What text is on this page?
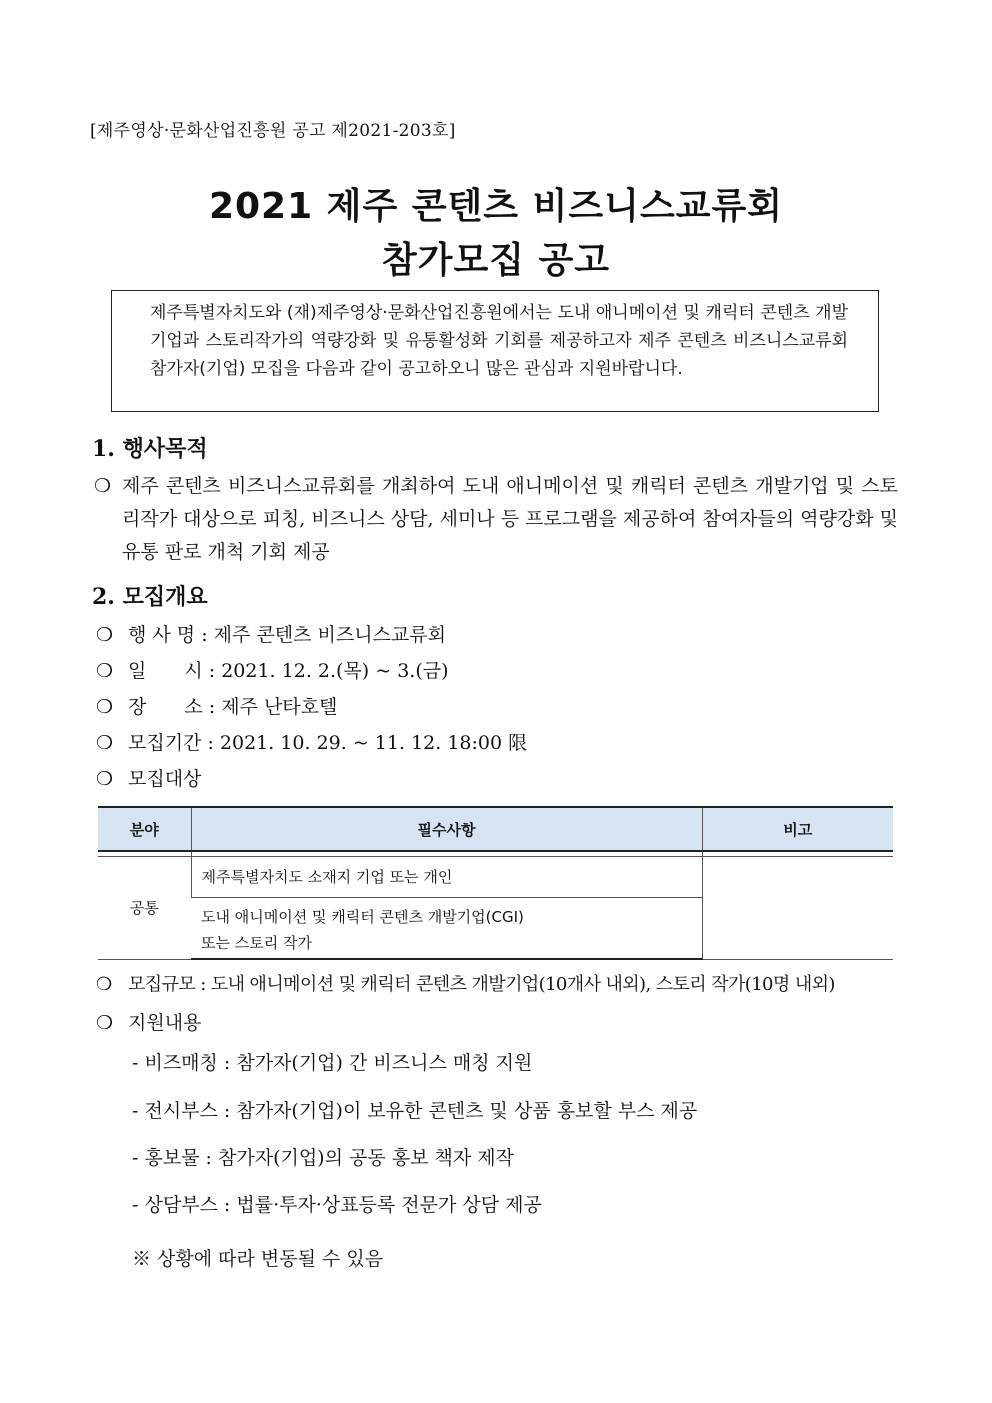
[제주영상·문화산업진흥원 공고 제2021-203호]
2021 제주 콘텐츠 비즈니스교류회
참가모집 공고
제주특별자치도와 (재)제주영상·문화산업진흥원에서는 도내 애니메이션 및 캐릭터 콘텐츠 개발기업과 스토리작가의 역량강화 및 유통활성화 기회를 제공하고자 제주 콘텐츠 비즈니스교류회 참가자(기업) 모집을 다음과 같이 공고하오니 많은 관심과 지원바랍니다.
1. 행사목적
❍ 제주 콘텐츠 비즈니스교류회를 개최하여 도내 애니메이션 및 캐릭터 콘텐츠 개발기업 및 스토리작가 대상으로 피칭, 비즈니스 상담, 세미나 등 프로그램을 제공하여 참여자들의 역량강화 및 유통 판로 개척 기회 제공
2. 모집개요
❍ 행 사 명 : 제주 콘텐츠 비즈니스교류회
❍ 일　　시 : 2021. 12. 2.(목) ~ 3.(금)
❍ 장　　소 : 제주 난타호텔
❍ 모집기간 : 2021. 10. 29. ~ 11. 12. 18:00 限
❍ 모집대상
분야	필수사항	비고

공통	제주특별자치도 소재지 기업 또는 개인	

	도내 애니메이션 및 캐릭터 콘텐츠 개발기업(CGI)
또는 스토리 작가	
❍ 모집규모 : 도내 애니메이션 및 캐릭터 콘텐츠 개발기업(10개사 내외), 스토리 작가(10명 내외)
❍ 지원내용
- 비즈매칭 : 참가자(기업) 간 비즈니스 매칭 지원
- 전시부스 : 참가자(기업)이 보유한 콘텐츠 및 상품 홍보할 부스 제공
- 홍보물 : 참가자(기업)의 공동 홍보 책자 제작
- 상담부스 : 법률·투자·상표등록 전문가 상담 제공
※ 상황에 따라 변동될 수 있음
